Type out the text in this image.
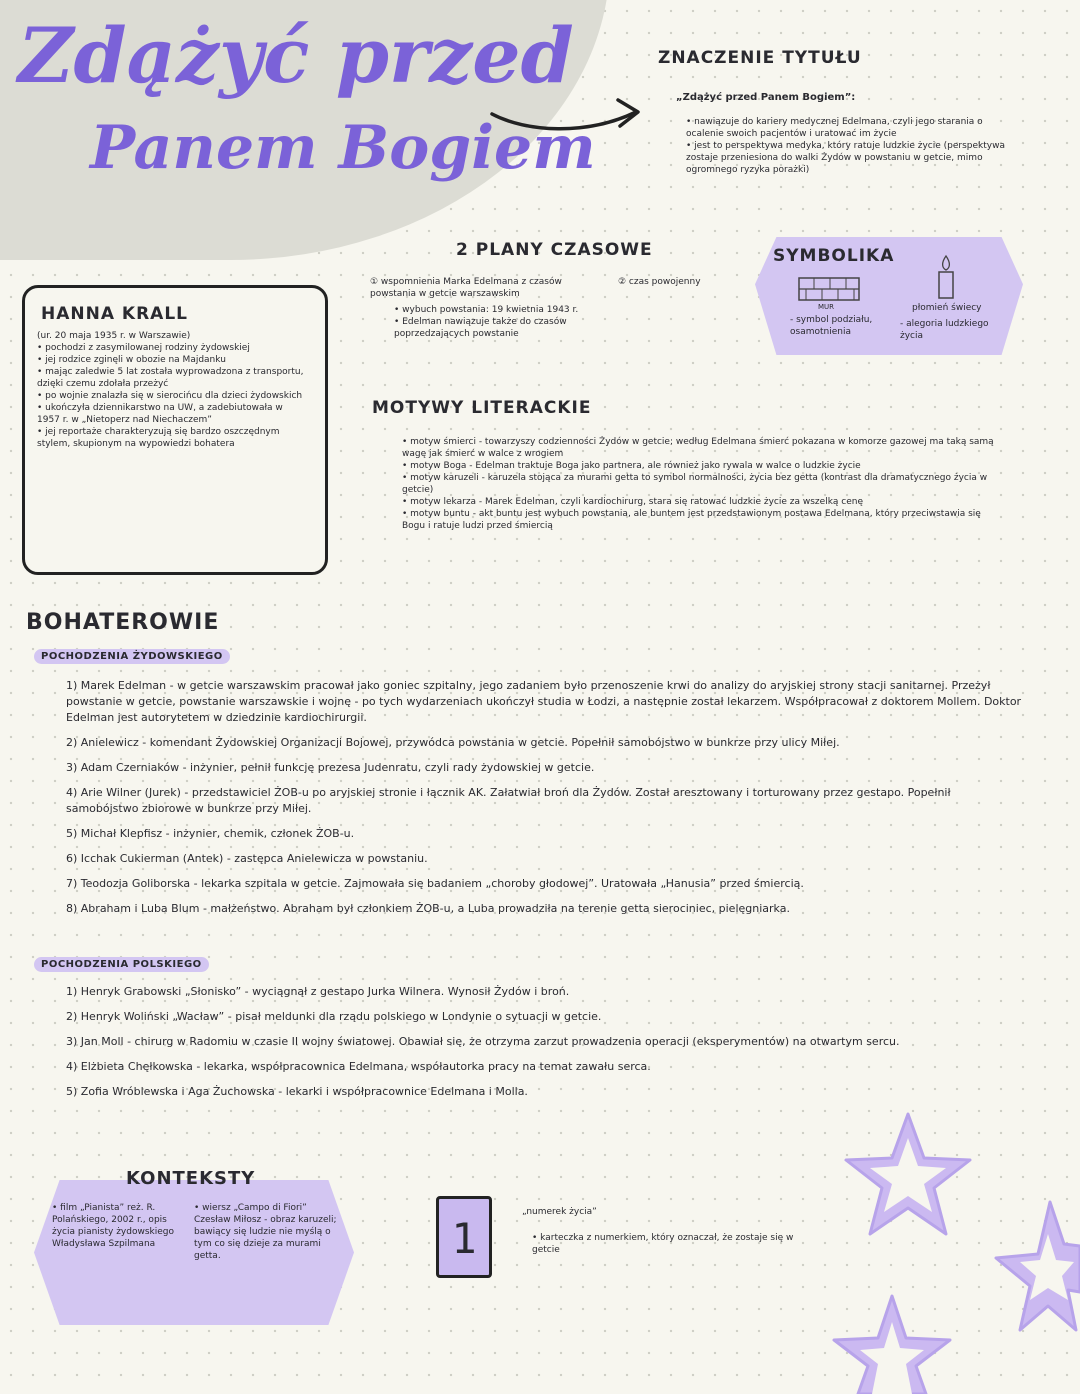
Zdążyć przed
Panem Bogiem
ZNACZENIE TYTUŁU
„Zdążyć przed Panem Bogiem”:
• nawiązuje do kariery medycznej Edelmana, czyli jego starania o ocalenie swoich pacjentów i uratować im życie
• jest to perspektywa medyka, który ratuje ludzkie życie (perspektywa zostaje przeniesiona do walki Żydów w powstaniu w getcie, mimo ogromnego ryzyka porażki)
2 PLANY CZASOWE
① wspomnienia Marka Edelmana z czasów powstania w getcie warszawskim
• wybuch powstania: 19 kwietnia 1943 r.
• Edelman nawiązuje także do czasów poprzedzających powstanie
② czas powojenny
SYMBOLIKA
MUR
- symbol podziału, osamotnienia
płomień świecy
- alegoria ludzkiego życia
HANNA KRALL
(ur. 20 maja 1935 r. w Warszawie)
• pochodzi z zasymilowanej rodziny żydowskiej
• jej rodzice zginęli w obozie na Majdanku
• mając zaledwie 5 lat została wyprowadzona z transportu, dzięki czemu zdołała przeżyć
• po wojnie znalazła się w sierocińcu dla dzieci żydowskich
• ukończyła dziennikarstwo na UW, a zadebiutowała w 1957 r. w „Nietoperz nad Niechaczem”
• jej reportaże charakteryzują się bardzo oszczędnym stylem, skupionym na wypowiedzi bohatera
MOTYWY LITERACKIE
• motyw śmierci - towarzyszy codzienności Żydów w getcie; według Edelmana śmierć pokazana w komorze gazowej ma taką samą wagę jak śmierć w walce z wrogiem
• motyw Boga - Edelman traktuje Boga jako partnera, ale również jako rywala w walce o ludzkie życie
• motyw karuzeli - karuzela stojąca za murami getta to symbol normalności, życia bez getta (kontrast dla dramatycznego życia w getcie)
• motyw lekarza - Marek Edelman, czyli kardiochirurg, stara się ratować ludzkie życie za wszelką cenę
• motyw buntu - akt buntu jest wybuch powstania, ale buntem jest przedstawionym postawa Edelmana, który przeciwstawia się Bogu i ratuje ludzi przed śmiercią
BOHATEROWIE
POCHODZENIA ŻYDOWSKIEGO
1) Marek Edelman - w getcie warszawskim pracował jako goniec szpitalny, jego zadaniem było przenoszenie krwi do analizy do aryjskiej strony stacji sanitarnej. Przeżył powstanie w getcie, powstanie warszawskie i wojnę - po tych wydarzeniach ukończył studia w Łodzi, a następnie został lekarzem. Współpracował z doktorem Mollem. Doktor Edelman jest autorytetem w dziedzinie kardiochirurgii.
2) Anielewicz - komendant Żydowskiej Organizacji Bojowej, przywódca powstania w getcie. Popełnił samobójstwo w bunkrze przy ulicy Miłej.
3) Adam Czerniaków - inżynier, pełnił funkcję prezesa Judenratu, czyli rady żydowskiej w getcie.
4) Arie Wilner (Jurek) - przedstawiciel ŻOB-u po aryjskiej stronie i łącznik AK. Załatwiał broń dla Żydów. Został aresztowany i torturowany przez gestapo. Popełnił samobójstwo zbiorowe w bunkrze przy Miłej.
5) Michał Klepfisz - inżynier, chemik, członek ŻOB-u.
6) Icchak Cukierman (Antek) - zastępca Anielewicza w powstaniu.
7) Teodozja Goliborska - lekarka szpitala w getcie. Zajmowała się badaniem „choroby głodowej”. Uratowała „Hanusia” przed śmiercią.
8) Abraham i Luba Blum - małżeństwo. Abraham był członkiem ŻOB-u, a Luba prowadziła na terenie getta sierociniec, pielęgniarka.
POCHODZENIA POLSKIEGO
1) Henryk Grabowski „Słonisko” - wyciągnął z gestapo Jurka Wilnera. Wynosił Żydów i broń.
2) Henryk Woliński „Wacław” - pisał meldunki dla rządu polskiego w Londynie o sytuacji w getcie.
3) Jan Moll - chirurg w Radomiu w czasie II wojny światowej. Obawiał się, że otrzyma zarzut prowadzenia operacji (eksperymentów) na otwartym sercu.
4) Elżbieta Chęłkowska - lekarka, współpracownica Edelmana, współautorka pracy na temat zawału serca.
5) Zofia Wróblewska i Aga Żuchowska - lekarki i współpracownice Edelmana i Molla.
KONTEKSTY
• film „Pianista” reż. R. Polańskiego, 2002 r., opis życia pianisty żydowskiego Władysława Szpilmana
• wiersz „Campo di Fiori” Czesław Miłosz - obraz karuzeli; bawiący się ludzie nie myślą o tym co się dzieje za murami getta.	1
„numerek życia”
• karteczka z numerkiem, który oznaczał, że zostaje się w getcie
